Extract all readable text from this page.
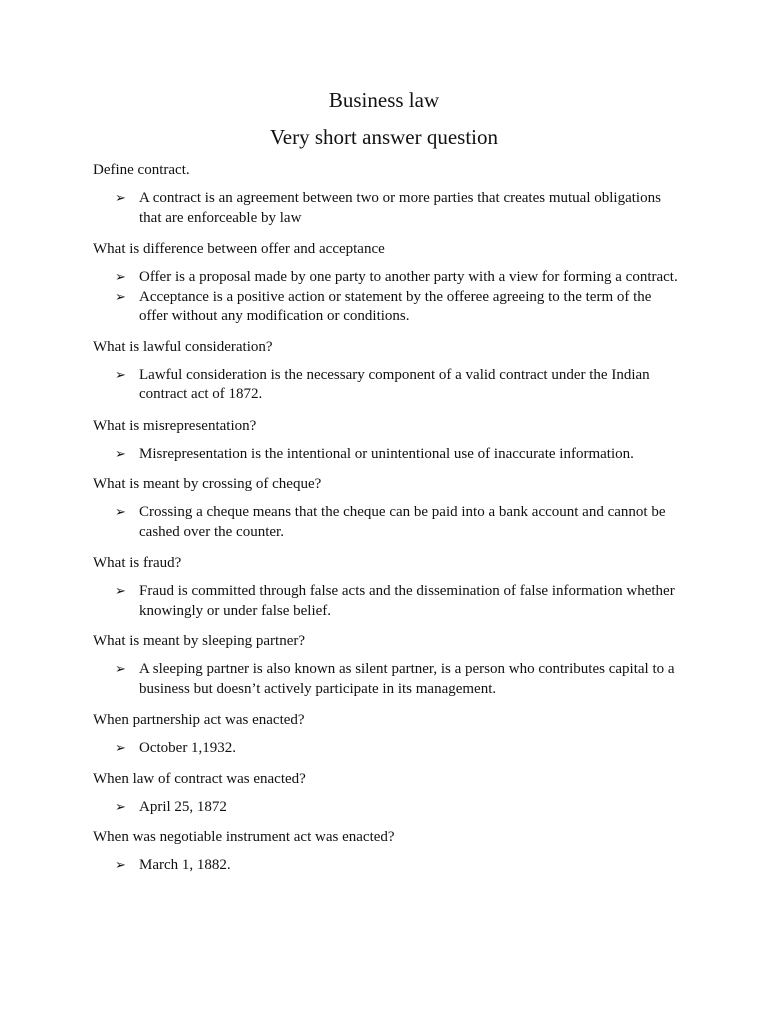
Business law
Very short answer question

Define contract.

➢ A contract is an agreement between two or more parties that creates mutual obligations that are enforceable by law

What is difference between offer and acceptance

➢ Offer is a proposal made by one party to another party with a view for forming a contract.
➢ Acceptance is a positive action or statement by the offeree agreeing to the term of the offer without any modification or conditions.

What is lawful consideration?

➢ Lawful consideration is the necessary component of a valid contract under the Indian contract act of 1872.

What is misrepresentation?

➢ Misrepresentation is the intentional or unintentional use of inaccurate information.

What is meant by crossing of cheque?

➢ Crossing a cheque means that the cheque can be paid into a bank account and cannot be cashed over the counter.

What is fraud?

➢ Fraud is committed through false acts and the dissemination of false information whether knowingly or under false belief.

What is meant by sleeping partner?

➢ A sleeping partner is also known as silent partner, is a person who contributes capital to a business but doesn’t actively participate in its management.

When partnership act was enacted?

➢ October 1,1932.

When law of contract was enacted?

➢ April 25, 1872

When was negotiable instrument act was enacted?

➢ March 1, 1882.
